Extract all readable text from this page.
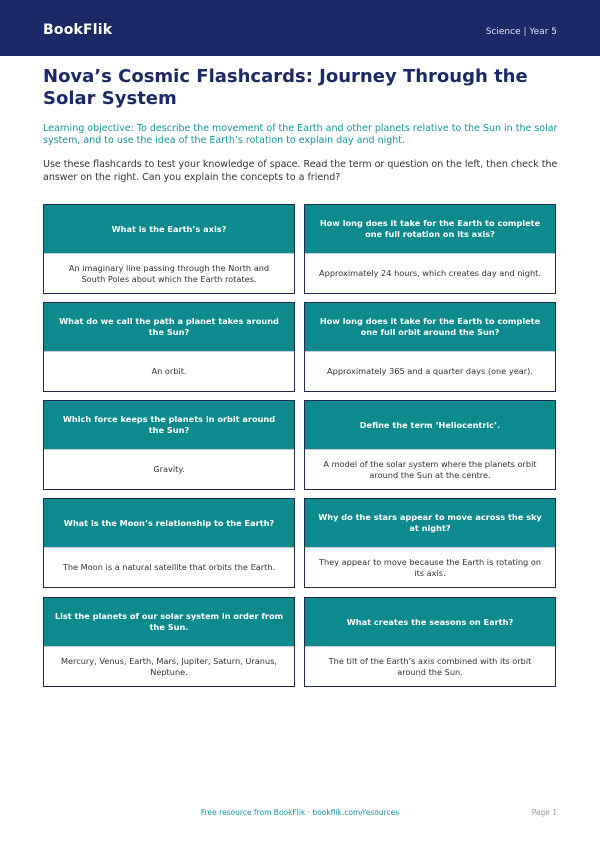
BookFlik	Science | Year 5
Nova’s Cosmic Flashcards: Journey Through the Solar System

Learning objective: To describe the movement of the Earth and other planets relative to the Sun in the solar system, and to use the idea of the Earth’s rotation to explain day and night.

Use these flashcards to test your knowledge of space. Read the term or question on the left, then check the answer on the right. Can you explain the concepts to a friend?

What is the Earth’s axis?
An imaginary line passing through the North and South Poles about which the Earth rotates.
How long does it take for the Earth to complete one full rotation on its axis?
Approximately 24 hours, which creates day and night.
What do we call the path a planet takes around the Sun?
An orbit.
How long does it take for the Earth to complete one full orbit around the Sun?
Approximately 365 and a quarter days (one year).
Which force keeps the planets in orbit around the Sun?
Gravity.
Define the term ‘Heliocentric’.
A model of the solar system where the planets orbit around the Sun at the centre.
What is the Moon’s relationship to the Earth?
The Moon is a natural satellite that orbits the Earth.
Why do the stars appear to move across the sky at night?
They appear to move because the Earth is rotating on its axis.
List the planets of our solar system in order from the Sun.
Mercury, Venus, Earth, Mars, Jupiter, Saturn, Uranus, Neptune.
What creates the seasons on Earth?
The tilt of the Earth’s axis combined with its orbit around the Sun.
Free resource from BookFlik · bookflik.com/resources	Page 1
